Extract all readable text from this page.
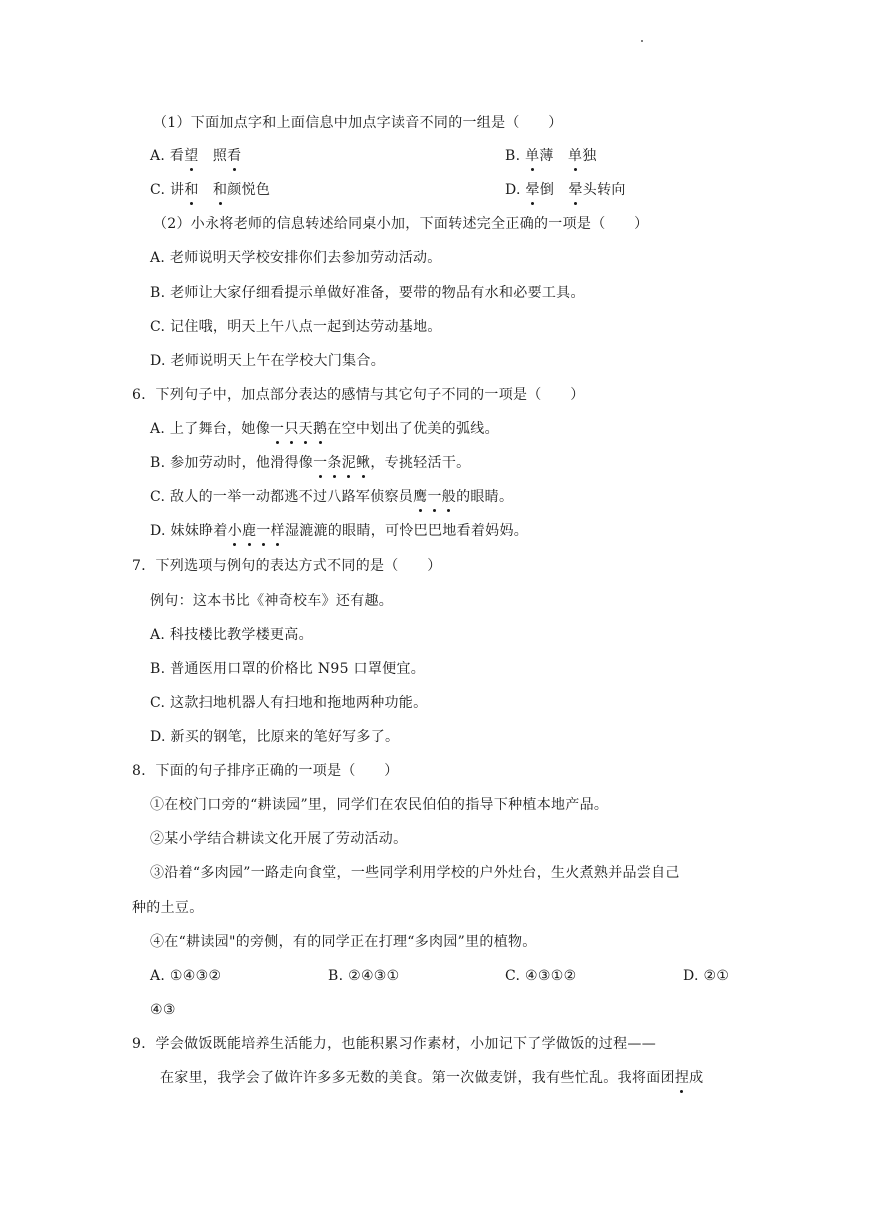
（1）下面加点字和上面信息中加点字读音不同的一组是（　　）
A. 看望　照看	B. 单薄　单独
C. 讲和　 和颜悦色	D. 晕倒　晕头转向
（2）小永将老师的信息转述给同桌小加，下面转述完全正确的一项是（　　）
A. 老师说明天学校安排你们去参加劳动活动。
B. 老师让大家仔细看提示单做好准备，要带的物品有水和必要工具。
C. 记住哦，明天上午八点一起到达劳动基地。
D. 老师说明天上午在学校大门集合。
6．下列句子中，加点部分表达的感情与其它句子不同的一项是（　　）
A. 上了舞台，她像一只天鹅在空中划出了优美的弧线。
B. 参加劳动时，他滑得像一条泥鳅，专挑轻活干。
C. 敌人的一举一动都逃不过八路军侦察员鹰一般的眼睛。
D. 妹妹睁着小鹿一样湿漉漉的眼睛，可怜巴巴地看着妈妈。
7．下列选项与例句的表达方式不同的是（　　）
例句：这本书比《神奇校车》还有趣。
A. 科技楼比教学楼更高。
B. 普通医用口罩的价格比 N95 口罩便宜。
C. 这款扫地机器人有扫地和拖地两种功能。
D. 新买的钢笔，比原来的笔好写多了。
8．下面的句子排序正确的一项是（　　）
①在校门口旁的“耕读园”里，同学们在农民伯伯的指导下种植本地产品。
②某小学结合耕读文化开展了劳动活动。
③沿着“多肉园”一路走向食堂，一些同学利用学校的户外灶台，生火煮熟并品尝自己
种的土豆。
④在“耕读园"的旁侧，有的同学正在打理“多肉园”里的植物。
A. ①④③②	B. ②④③①	C. ④③①②	D. ②①
④③
9．学会做饭既能培养生活能力，也能积累习作素材，小加记下了学做饭的过程——
在家里，我学会了做许许多多无数的美食。第一次做麦饼，我有些忙乱。我将面团捏成
